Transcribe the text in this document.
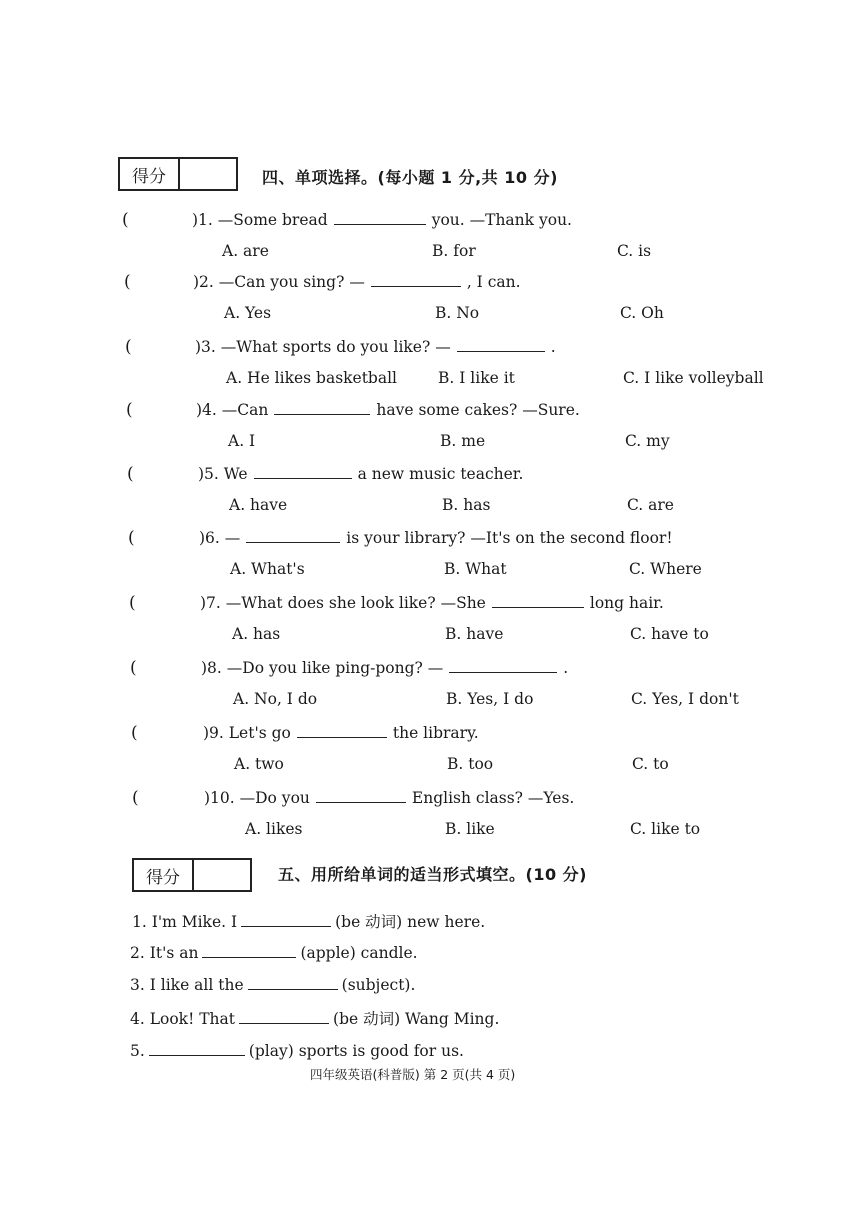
得分	四、单项选择。(每小题 1 分,共 10 分)
(	)1. —Some bread	you. —Thank you.
A. are	B. for	C. is
(	)2. —Can you sing? —	, I can.
A. Yes	B. No	C. Oh
(	)3. —What sports do you like? —	.
A. He likes basketball	B. I like it	C. I like volleyball
(	)4. —Can	have some cakes? —Sure.
A. I	B. me	C. my
(	)5. We	a new music teacher.
A. have	B. has	C. are
(	)6. —	is your library? —It's on the second floor!
A. What's	B. What	C. Where
(	)7. —What does she look like? —She	long hair.
A. has	B. have	C. have to
(	)8. —Do you like ping-pong? —	.
A. No, I do	B. Yes, I do	C. Yes, I don't
(	)9. Let's go	the library.
A. two	B. too	C. to
(	)10. —Do you	English class? —Yes.
A. likes	B. like	C. like to
得分	五、用所给单词的适当形式填空。(10 分)
1. I'm Mike. I	(be 动词) new here.
2. It's an	(apple) candle.
3. I like all the	(subject).
4. Look! That	(be 动词) Wang Ming.
5.	(play) sports is good for us.
四年级英语(科普版) 第 2 页(共 4 页)
